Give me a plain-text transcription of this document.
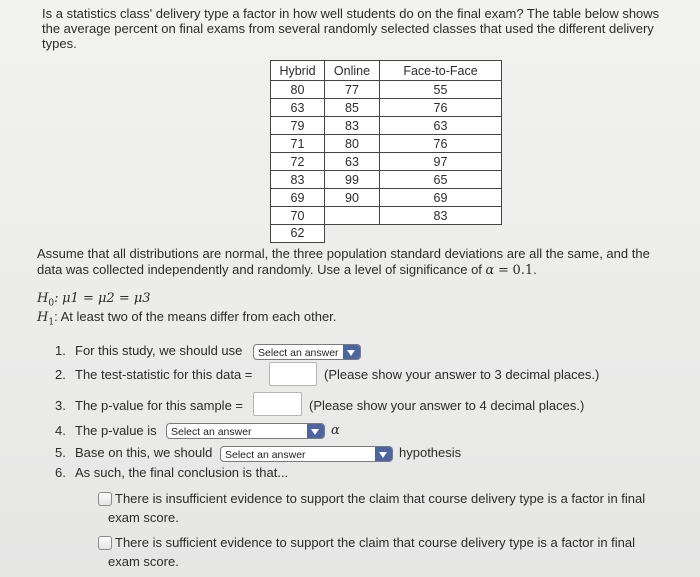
Is a statistics class' delivery type a factor in how well students do on the final exam? The table below shows the average percent on final exams from several randomly selected classes that used the different delivery types.
Hybrid	Online	Face-to-Face
80	77	55
63	85	76
79	83	63
71	80	76
72	63	97
83	99	65
69	90	69
70		83
62
Assume that all distributions are normal, the three population standard deviations are all the same, and the data was collected independently and randomly. Use a level of significance of α = 0.1.
$H_0$: μ1 = μ2 = μ3
$H_1$: At least two of the means differ from each other.
1. For this study, we should use	Select an answer
2. The test-statistic for this data =	(Please show your answer to 3 decimal places.)
3. The p-value for this sample =	(Please show your answer to 4 decimal places.)
4. The p-value is	Select an answer	α
5. Base on this, we should	Select an answer	hypothesis
6. As such, the final conclusion is that...
There is insufficient evidence to support the claim that course delivery type is a factor in final
exam score.
There is sufficient evidence to support the claim that course delivery type is a factor in final
exam score.
